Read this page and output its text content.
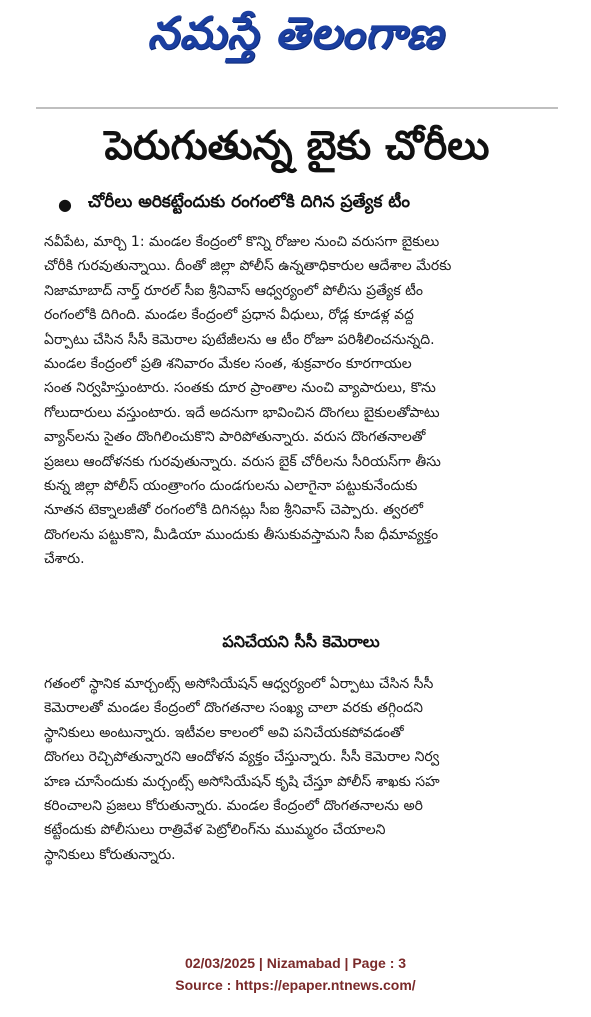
నమస్తే తెలంగాణ
పెరుగుతున్న బైకు చోరీలు
● చోరీలు అరికట్టేందుకు రంగంలోకి దిగిన ప్రత్యేక టీం
నవీపేట, మార్చి 1: మండల కేంద్రంలో కొన్ని రోజుల నుంచి వరుసగా బైకులు
చోరీకి గురవుతున్నాయి. దీంతో జిల్లా పోలీస్ ఉన్నతాధికారుల ఆదేశాల మేరకు
నిజామాబాద్ నార్త్ రూరల్ సీఐ శ్రీనివాస్ ఆధ్వర్యంలో పోలీసు ప్రత్యేక టీం
రంగంలోకి దిగింది. మండల కేంద్రంలో ప్రధాన వీధులు, రోడ్ల కూడళ్ల వద్ద
ఏర్పాటు చేసిన సీసీ కెమెరాల పుటేజీలను ఆ టీం రోజూ పరిశీలించనున్నది.
మండల కేంద్రంలో ప్రతి శనివారం మేకల సంత, శుక్రవారం కూరగాయల
సంత నిర్వహిస్తుంటారు. సంతకు దూర ప్రాంతాల నుంచి వ్యాపారులు, కొను
గోలుదారులు వస్తుంటారు. ఇదే అదనుగా భావించిన దొంగలు బైకులతోపాటు
వ్యాన్‌లను సైతం దొంగిలించుకొని పారిపోతున్నారు. వరుస దొంగతనాలతో
ప్రజలు ఆందోళనకు గురవుతున్నారు. వరుస బైక్ చోరీలను సీరియస్‌గా తీసు
కున్న జిల్లా పోలీస్ యంత్రాంగం దుండగులను ఎలాగైనా పట్టుకునేందుకు
నూతన టెక్నాలజీతో రంగంలోకి దిగినట్లు సీఐ శ్రీనివాస్ చెప్పారు. త్వరలో
దొంగలను పట్టుకొని, మీడియా ముందుకు తీసుకువస్తామని సీఐ ధీమావ్యక్తం
చేశారు.
పనిచేయని సీసీ కెమెరాలు
గతంలో స్థానిక మార్చంట్స్ అసోసియేషన్ ఆధ్వర్యంలో ఏర్పాటు చేసిన సీసీ
కెమెరాలతో మండల కేంద్రంలో దొంగతనాల సంఖ్య చాలా వరకు తగ్గిందని
స్థానికులు అంటున్నారు. ఇటీవల కాలంలో అవి పనిచేయకపోవడంతో
దొంగలు రెచ్చిపోతున్నారని ఆందోళన వ్యక్తం చేస్తున్నారు. సీసీ కెమెరాల నిర్వ
హణ చూసేందుకు మర్చంట్స్ అసోసియేషన్ కృషి చేస్తూ పోలీస్ శాఖకు సహ
కరించాలని ప్రజలు కోరుతున్నారు. మండల కేంద్రంలో దొంగతనాలను అరి
కట్టేందుకు పోలీసులు రాత్రివేళ పెట్రోలింగ్‌ను ముమ్మరం చేయాలని
స్థానికులు కోరుతున్నారు.
02/03/2025 | Nizamabad | Page : 3
Source : https://epaper.ntnews.com/
